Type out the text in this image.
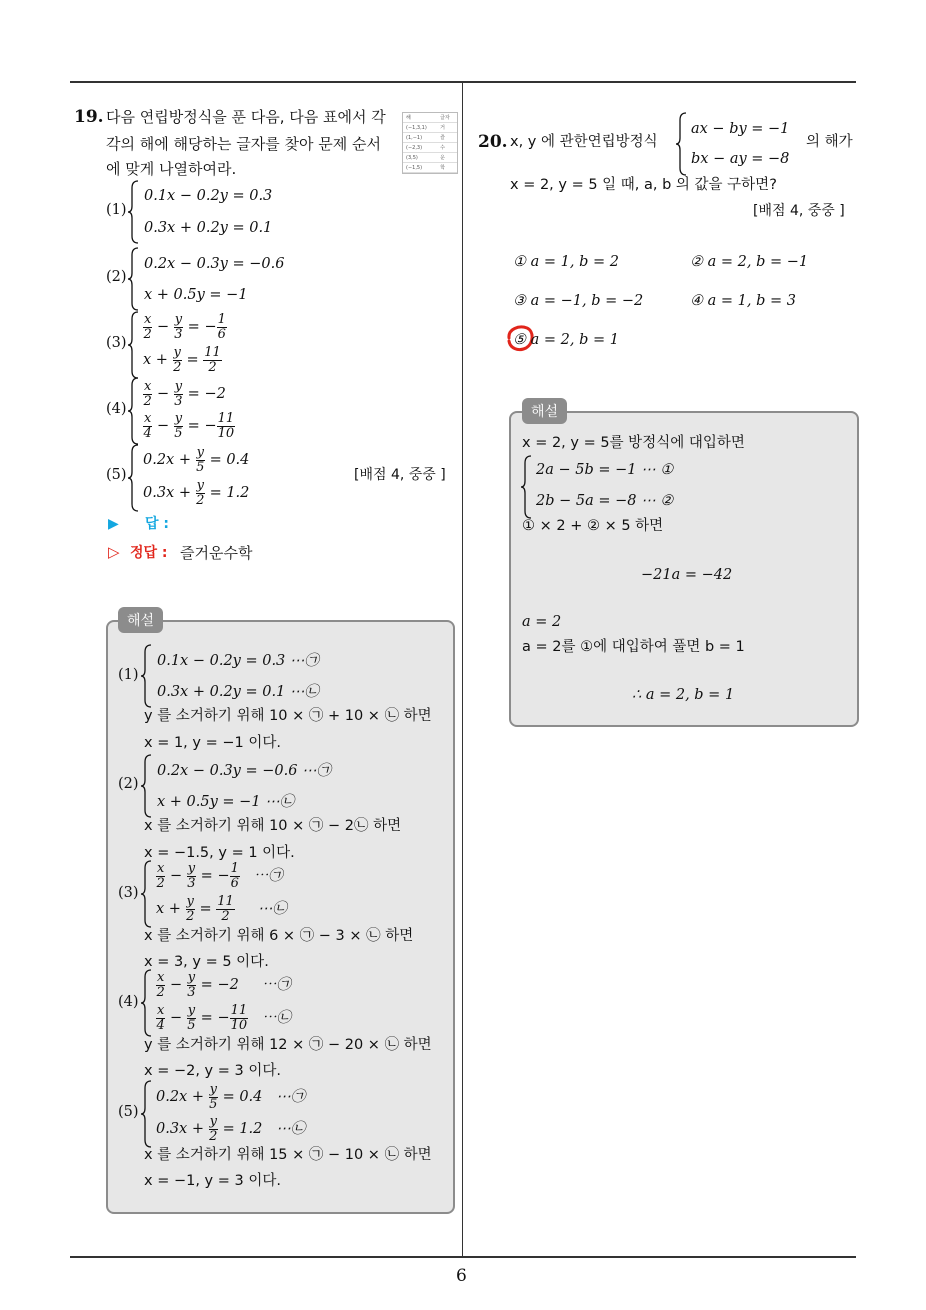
6
19. 다음 연립방정식을 푼 다음, 다음 표에서 각
각의 해에 해당하는 글자를 찾아 문제 순서
에 맞게 나열하여라.
해	글자
(−1,3,1)	거
(1,−1)	즐
(−2,3)	수
(3,5)	운
(−1,5)	학
(1)
0.1x − 0.2y = 0.3
0.3x + 0.2y = 0.1
(2)
0.2x − 0.3y = −0.6
x + 0.5y = −1
(3)
$\frac{x}{2} - \frac{y}{3}$ = − $\frac{1}{6}$
$x + \frac{y}{2} = \frac{11}{2}$
(4)
$\frac{x}{2} - \frac{y}{3} = -2$
$\frac{x}{4} - \frac{y}{5}$ = − $\frac{11}{10}$
(5)
$0.2x + \frac{y}{5} = 0.4$
$0.3x + \frac{y}{2} = 1.2$
[배점 4, 중중 ]
▶ 답 :
▷ 정답 : 즐거운수학
해설
(1)
0.1x − 0.2y = 0.3 ⋯㉠
0.3x + 0.2y = 0.1 ⋯㉡
y 를 소거하기 위해 10 × ㉠ + 10 × ㉡ 하면
x = 1, y = −1 이다.
(2)
0.2x − 0.3y = −0.6 ⋯㉠
x + 0.5y = −1 ⋯㉡
x 를 소거하기 위해 10 × ㉠ − 2㉡ 하면
x = −1.5, y = 1 이다.
(3)
$\frac{x}{2} - \frac{y}{3}$ = − $\frac{1}{6}$ ⋯㉠
$x + \frac{y}{2} = \frac{11}{2}$ ⋯㉡
x 를 소거하기 위해 6 × ㉠ − 3 × ㉡ 하면
x = 3, y = 5 이다.
(4)
$\frac{x}{2} - \frac{y}{3} = -2$     ⋯㉠
$\frac{x}{4} - \frac{y}{5}$ = − $\frac{11}{10}$ ⋯㉡
y 를 소거하기 위해 12 × ㉠ − 20 × ㉡ 하면
x = −2, y = 3 이다.
(5)
$0.2x + \frac{y}{5} = 0.4$   ⋯㉠
$0.3x + \frac{y}{2} = 1.2$   ⋯㉡
x 를 소거하기 위해 15 × ㉠ − 10 × ㉡ 하면
x = −1, y = 3 이다.
20. x, y 에 관한연립방정식
ax − by = −1
bx − ay = −8
의 해가
x = 2, y = 5 일 때, a, b 의 값을 구하면?
[배점 4, 중중 ]
① a = 1, b = 2	② a = 2, b = −1
③ a = −1, b = −2	④ a = 1, b = 3
⑤ a = 2, b = 1
해설
x = 2, y = 5를 방정식에 대입하면
2a − 5b = −1 ⋯ ①
2b − 5a = −8 ⋯ ②
① × 2 + ② × 5 하면
−21a = −42
a = 2
a = 2를 ①에 대입하여 풀면 b = 1
∴ a = 2, b = 1
